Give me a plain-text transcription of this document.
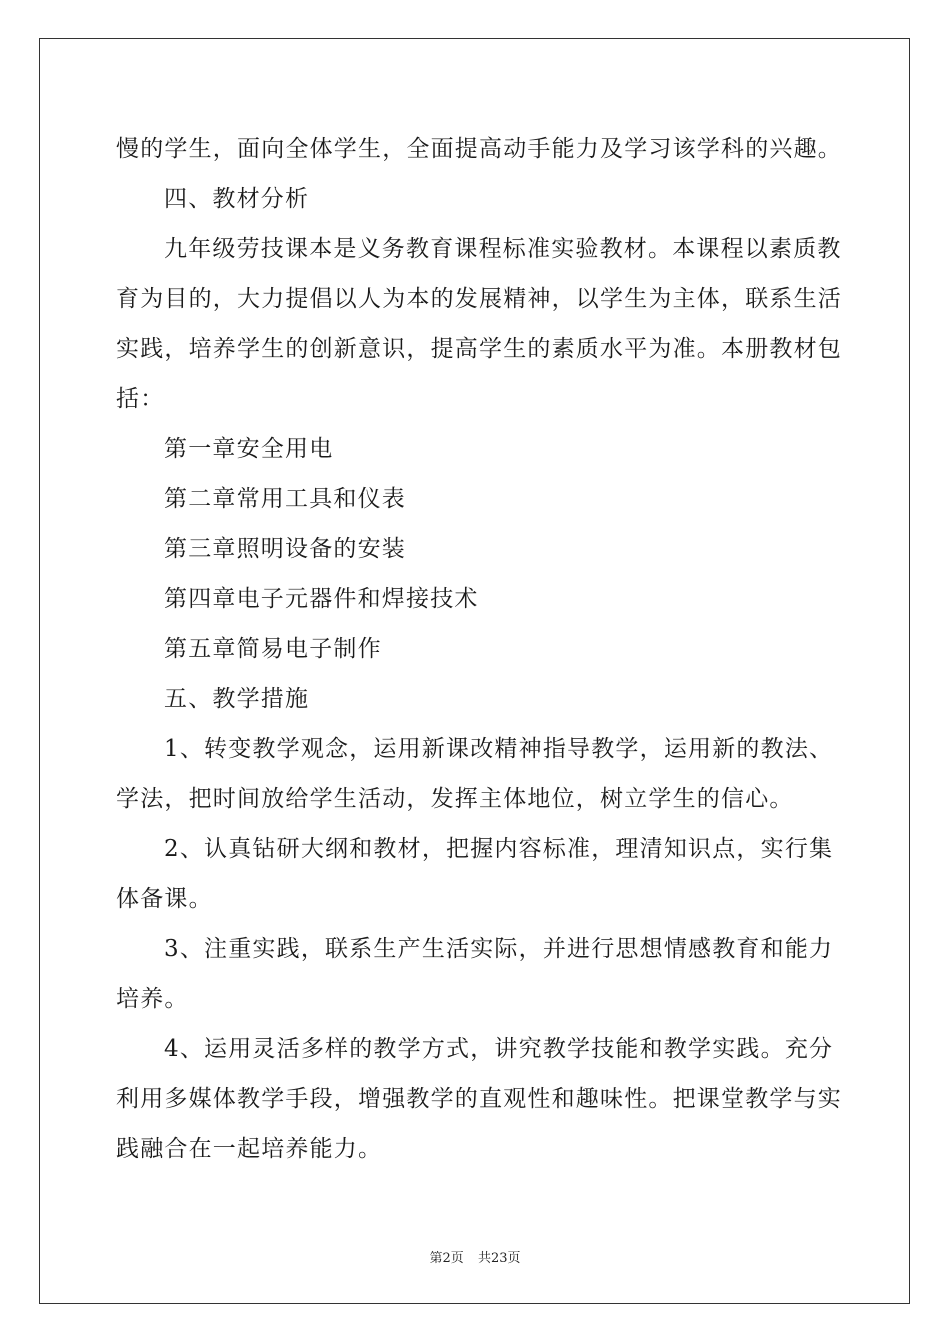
慢的学生，面向全体学生，全面提高动手能力及学习该学科的兴趣。
四、教材分析
九年级劳技课本是义务教育课程标准实验教材。本课程以素质教
育为目的，大力提倡以人为本的发展精神，以学生为主体，联系生活
实践，培养学生的创新意识，提高学生的素质水平为准。本册教材包
括：
第一章安全用电
第二章常用工具和仪表
第三章照明设备的安装
第四章电子元器件和焊接技术
第五章简易电子制作
五、教学措施
1、转变教学观念，运用新课改精神指导教学，运用新的教法、
学法，把时间放给学生活动，发挥主体地位，树立学生的信心。
2、认真钻研大纲和教材，把握内容标准，理清知识点，实行集
体备课。
3、注重实践，联系生产生活实际，并进行思想情感教育和能力
培养。
4、运用灵活多样的教学方式，讲究教学技能和教学实践。充分
利用多媒体教学手段，增强教学的直观性和趣味性。把课堂教学与实
践融合在一起培养能力。
第2页 共23页
